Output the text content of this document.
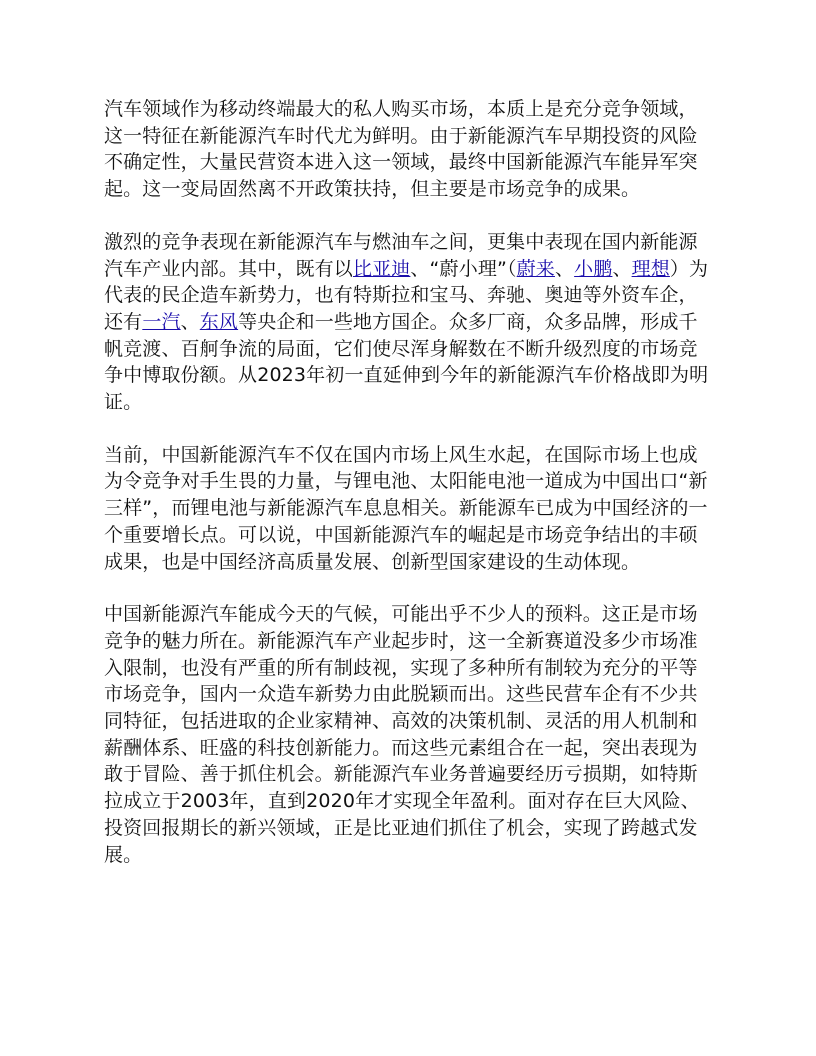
汽车领域作为移动终端最大的私人购买市场，本质上是充分竞争领域，这一特征在新能源汽车时代尤为鲜明。由于新能源汽车早期投资的风险不确定性，大量民营资本进入这一领域，最终中国新能源汽车能异军突起。这一变局固然离不开政策扶持，但主要是市场竞争的成果。

激烈的竞争表现在新能源汽车与燃油车之间，更集中表现在国内新能源汽车产业内部。其中，既有以比亚迪、“蔚小理”（蔚来、小鹏、理想）为代表的民企造车新势力，也有特斯拉和宝马、奔驰、奥迪等外资车企，还有一汽、东风等央企和一些地方国企。众多厂商，众多品牌，形成千帆竞渡、百舸争流的局面，它们使尽浑身解数在不断升级烈度的市场竞争中博取份额。从2023年初一直延伸到今年的新能源汽车价格战即为明证。

当前，中国新能源汽车不仅在国内市场上风生水起，在国际市场上也成为令竞争对手生畏的力量，与锂电池、太阳能电池一道成为中国出口“新三样”，而锂电池与新能源汽车息息相关。新能源车已成为中国经济的一个重要增长点。可以说，中国新能源汽车的崛起是市场竞争结出的丰硕成果，也是中国经济高质量发展、创新型国家建设的生动体现。

中国新能源汽车能成今天的气候，可能出乎不少人的预料。这正是市场竞争的魅力所在。新能源汽车产业起步时，这一全新赛道没多少市场准入限制，也没有严重的所有制歧视，实现了多种所有制较为充分的平等市场竞争，国内一众造车新势力由此脱颖而出。这些民营车企有不少共同特征，包括进取的企业家精神、高效的决策机制、灵活的用人机制和薪酬体系、旺盛的科技创新能力。而这些元素组合在一起，突出表现为敢于冒险、善于抓住机会。新能源汽车业务普遍要经历亏损期，如特斯拉成立于2003年，直到2020年才实现全年盈利。面对存在巨大风险、投资回报期长的新兴领域，正是比亚迪们抓住了机会，实现了跨越式发展。
